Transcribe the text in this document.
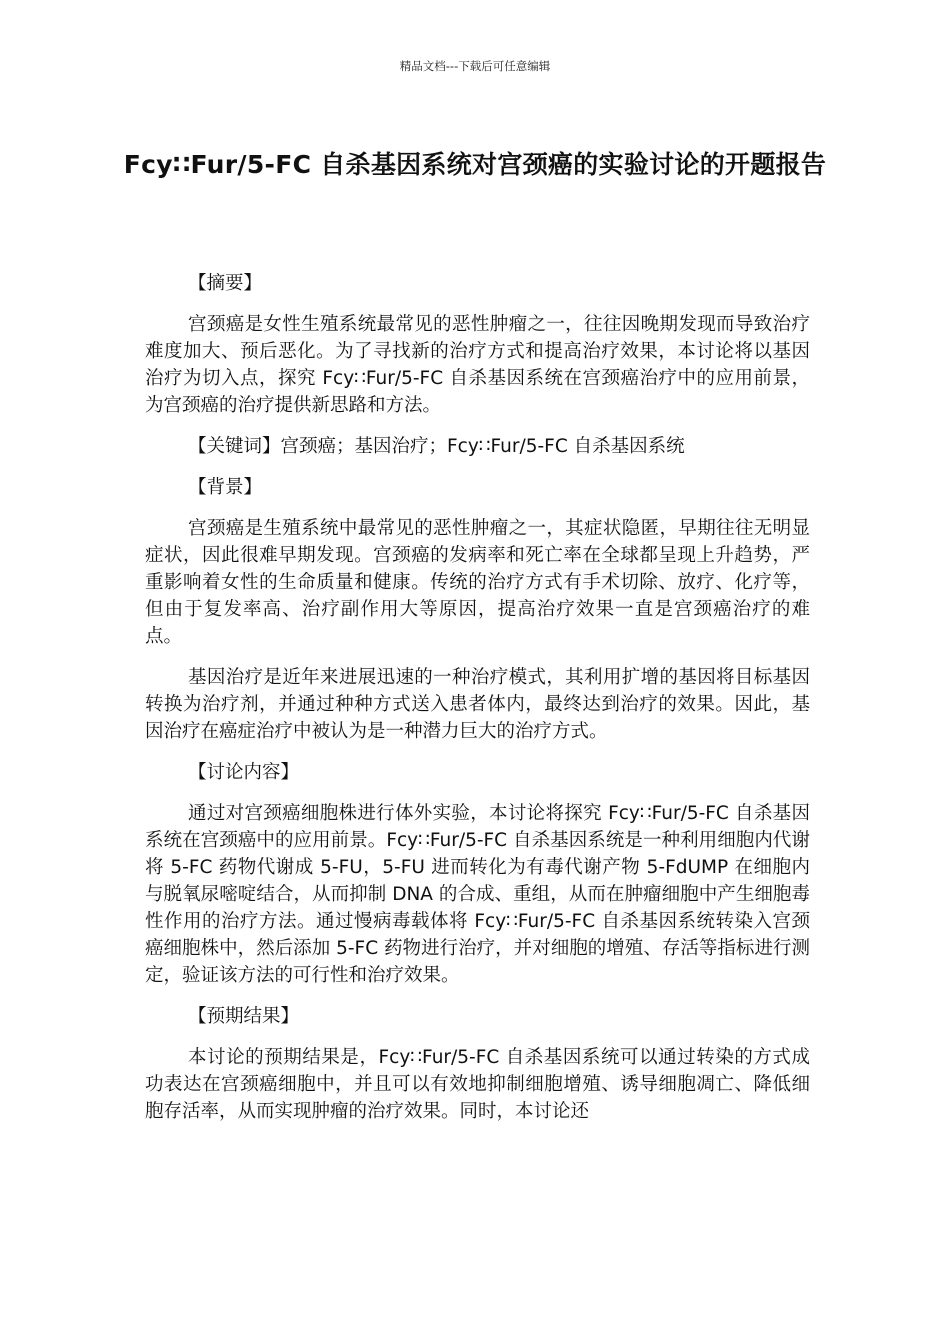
精品文档---下载后可任意编辑
Fcy∷Fur/5-FC 自杀基因系统对宫颈癌的实验讨论的开题报告

【摘要】

宫颈癌是女性生殖系统最常见的恶性肿瘤之一，往往因晚期发现而导致治疗难度加大、预后恶化。为了寻找新的治疗方式和提高治疗效果，本讨论将以基因治疗为切入点，探究 Fcy∷Fur/5-FC 自杀基因系统在宫颈癌治疗中的应用前景，为宫颈癌的治疗提供新思路和方法。

【关键词】宫颈癌；基因治疗；Fcy∷Fur/5-FC 自杀基因系统

【背景】

宫颈癌是生殖系统中最常见的恶性肿瘤之一，其症状隐匿，早期往往无明显症状，因此很难早期发现。宫颈癌的发病率和死亡率在全球都呈现上升趋势，严重影响着女性的生命质量和健康。传统的治疗方式有手术切除、放疗、化疗等，但由于复发率高、治疗副作用大等原因，提高治疗效果一直是宫颈癌治疗的难点。

基因治疗是近年来进展迅速的一种治疗模式，其利用扩增的基因将目标基因转换为治疗剂，并通过种种方式送入患者体内，最终达到治疗的效果。因此，基因治疗在癌症治疗中被认为是一种潜力巨大的治疗方式。

【讨论内容】

通过对宫颈癌细胞株进行体外实验，本讨论将探究 Fcy∷Fur/5-FC 自杀基因系统在宫颈癌中的应用前景。Fcy∷Fur/5-FC 自杀基因系统是一种利用细胞内代谢将 5-FC 药物代谢成 5-FU，5-FU 进而转化为有毒代谢产物 5-FdUMP 在细胞内与脱氧尿嘧啶结合，从而抑制 DNA 的合成、重组，从而在肿瘤细胞中产生细胞毒性作用的治疗方法。通过慢病毒载体将 Fcy∷Fur/5-FC 自杀基因系统转染入宫颈癌细胞株中，然后添加 5-FC 药物进行治疗，并对细胞的增殖、存活等指标进行测定，验证该方法的可行性和治疗效果。

【预期结果】

本讨论的预期结果是，Fcy∷Fur/5-FC 自杀基因系统可以通过转染的方式成功表达在宫颈癌细胞中，并且可以有效地抑制细胞增殖、诱导细胞凋亡、降低细胞存活率，从而实现肿瘤的治疗效果。同时，本讨论还
